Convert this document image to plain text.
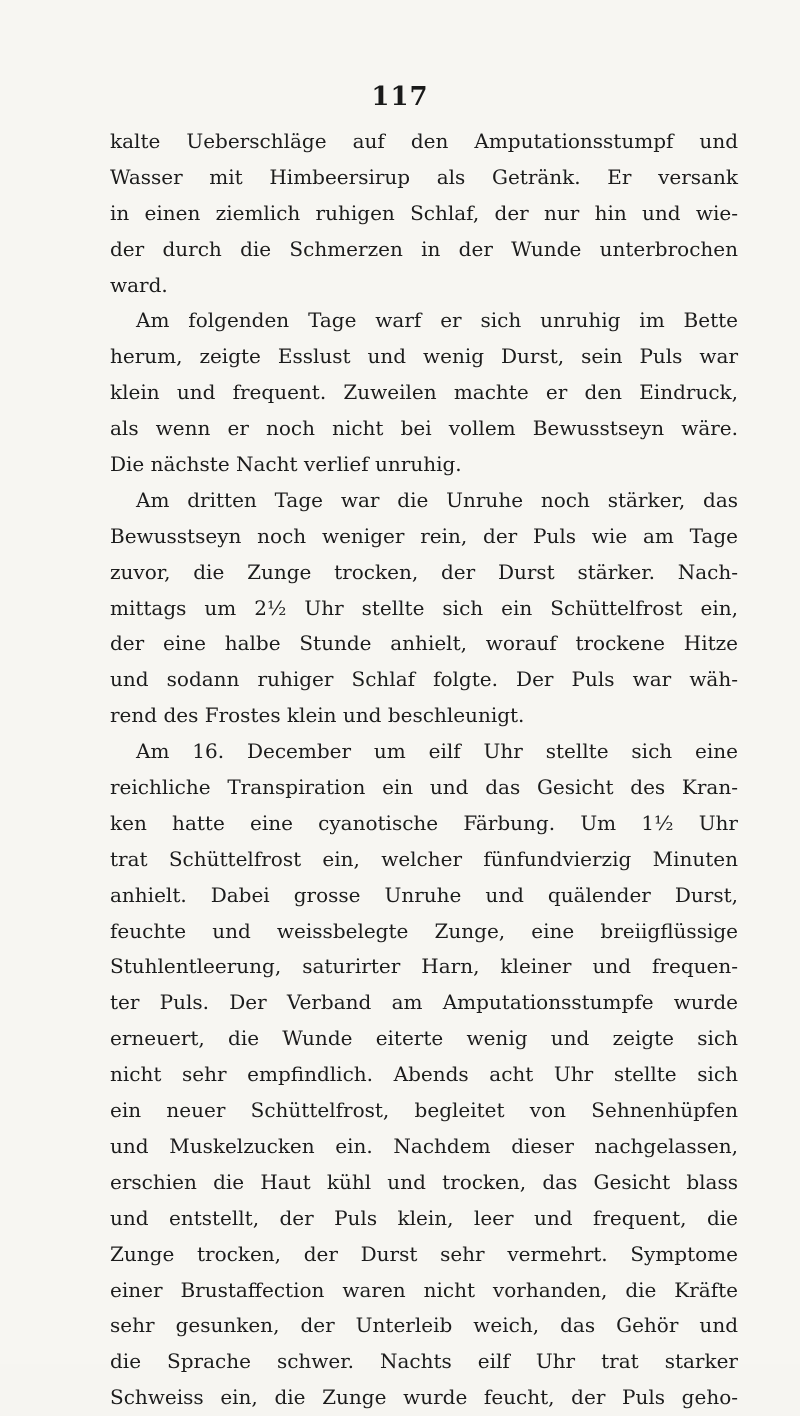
117
kalte Ueberschläge auf den Amputationsstumpf und
Wasser mit Himbeersirup als Getränk. Er versank
in einen ziemlich ruhigen Schlaf, der nur hin und wie-
der durch die Schmerzen in der Wunde unterbrochen
ward.
Am folgenden Tage warf er sich unruhig im Bette
herum, zeigte Esslust und wenig Durst, sein Puls war
klein und frequent. Zuweilen machte er den Eindruck,
als wenn er noch nicht bei vollem Bewusstseyn wäre.
Die nächste Nacht verlief unruhig.
Am dritten Tage war die Unruhe noch stärker, das
Bewusstseyn noch weniger rein, der Puls wie am Tage
zuvor, die Zunge trocken, der Durst stärker. Nach-
mittags um 2½ Uhr stellte sich ein Schüttelfrost ein,
der eine halbe Stunde anhielt, worauf trockene Hitze
und sodann ruhiger Schlaf folgte. Der Puls war wäh-
rend des Frostes klein und beschleunigt.
Am 16. December um eilf Uhr stellte sich eine
reichliche Transpiration ein und das Gesicht des Kran-
ken hatte eine cyanotische Färbung. Um 1½ Uhr
trat Schüttelfrost ein, welcher fünfundvierzig Minuten
anhielt. Dabei grosse Unruhe und quälender Durst,
feuchte und weissbelegte Zunge, eine breiigflüssige
Stuhlentleerung, saturirter Harn, kleiner und frequen-
ter Puls. Der Verband am Amputationsstumpfe wurde
erneuert, die Wunde eiterte wenig und zeigte sich
nicht sehr empfindlich. Abends acht Uhr stellte sich
ein neuer Schüttelfrost, begleitet von Sehnenhüpfen
und Muskelzucken ein. Nachdem dieser nachgelassen,
erschien die Haut kühl und trocken, das Gesicht blass
und entstellt, der Puls klein, leer und frequent, die
Zunge trocken, der Durst sehr vermehrt. Symptome
einer Brustaffection waren nicht vorhanden, die Kräfte
sehr gesunken, der Unterleib weich, das Gehör und
die Sprache schwer. Nachts eilf Uhr trat starker
Schweiss ein, die Zunge wurde feucht, der Puls geho-
